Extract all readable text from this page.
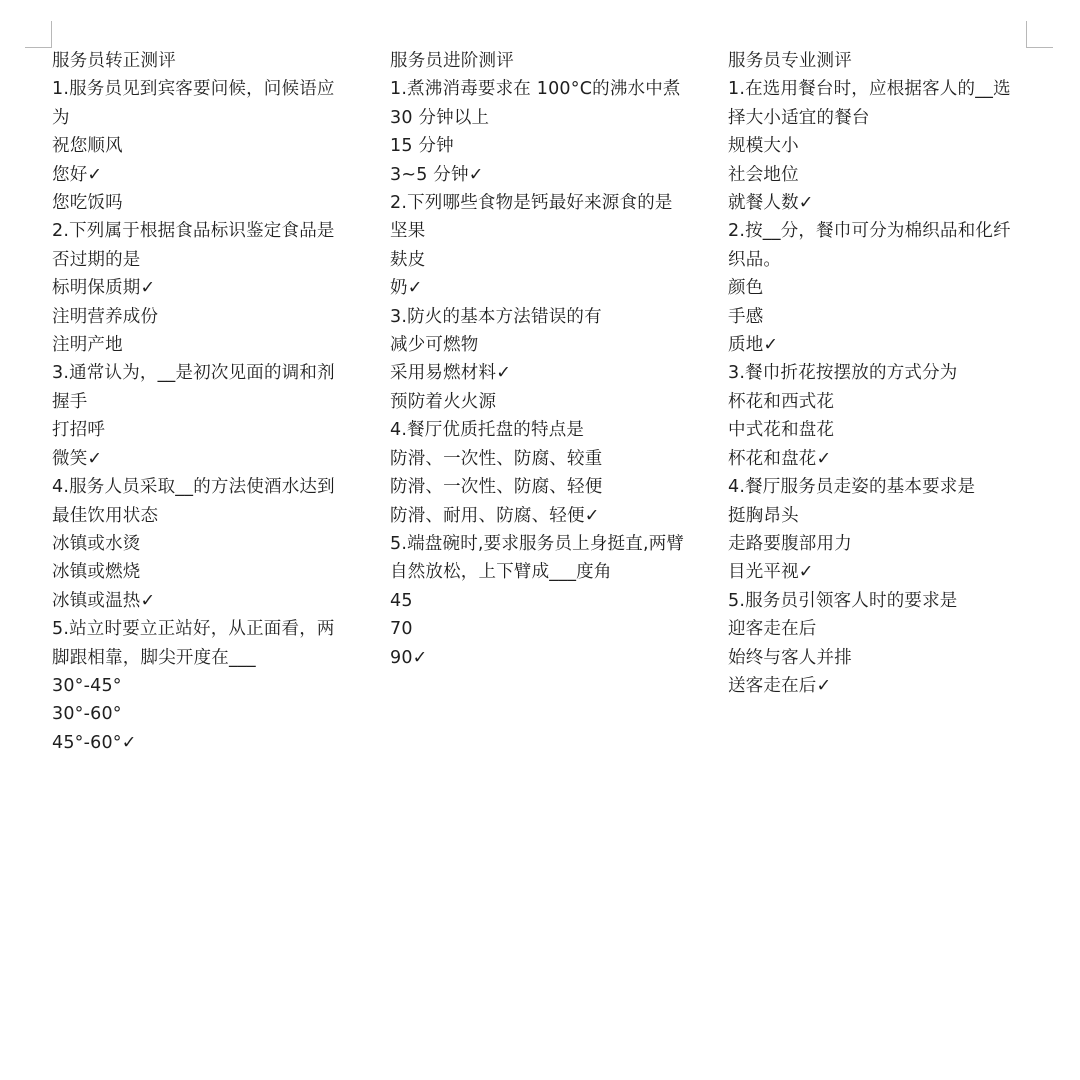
服务员转正测评
1.服务员见到宾客要问候，问候语应为
祝您顺风
您好✓
您吃饭吗
2.下列属于根据食品标识鉴定食品是否过期的是
标明保质期✓
注明营养成份
注明产地
3.通常认为，__是初次见面的调和剂
握手
打招呼
微笑✓
4.服务人员采取__的方法使酒水达到最佳饮用状态
冰镇或水烫
冰镇或燃烧
冰镇或温热✓
5.站立时要立正站好，从正面看，两脚跟相靠，脚尖开度在___
30°-45°
30°-60°
45°-60°✓
服务员进阶测评
1.煮沸消毒要求在 100°C的沸水中煮
30 分钟以上
15 分钟
3~5 分钟✓
2.下列哪些食物是钙最好来源食的是
坚果
麸皮
奶✓
3.防火的基本方法错误的有
减少可燃物
采用易燃材料✓
预防着火火源
4.餐厅优质托盘的特点是
防滑、一次性、防腐、较重
防滑、一次性、防腐、轻便
防滑、耐用、防腐、轻便✓
5.端盘碗时,要求服务员上身挺直,两臂自然放松，上下臂成___度角
45
70
90✓
服务员专业测评
1.在选用餐台时，应根据客人的__选择大小适宜的餐台
规模大小
社会地位
就餐人数✓
2.按__分，餐巾可分为棉织品和化纤织品。
颜色
手感
质地✓
3.餐巾折花按摆放的方式分为
杯花和西式花
中式花和盘花
杯花和盘花✓
4.餐厅服务员走姿的基本要求是
挺胸昂头
走路要腹部用力
目光平视✓
5.服务员引领客人时的要求是
迎客走在后
始终与客人并排
送客走在后✓
